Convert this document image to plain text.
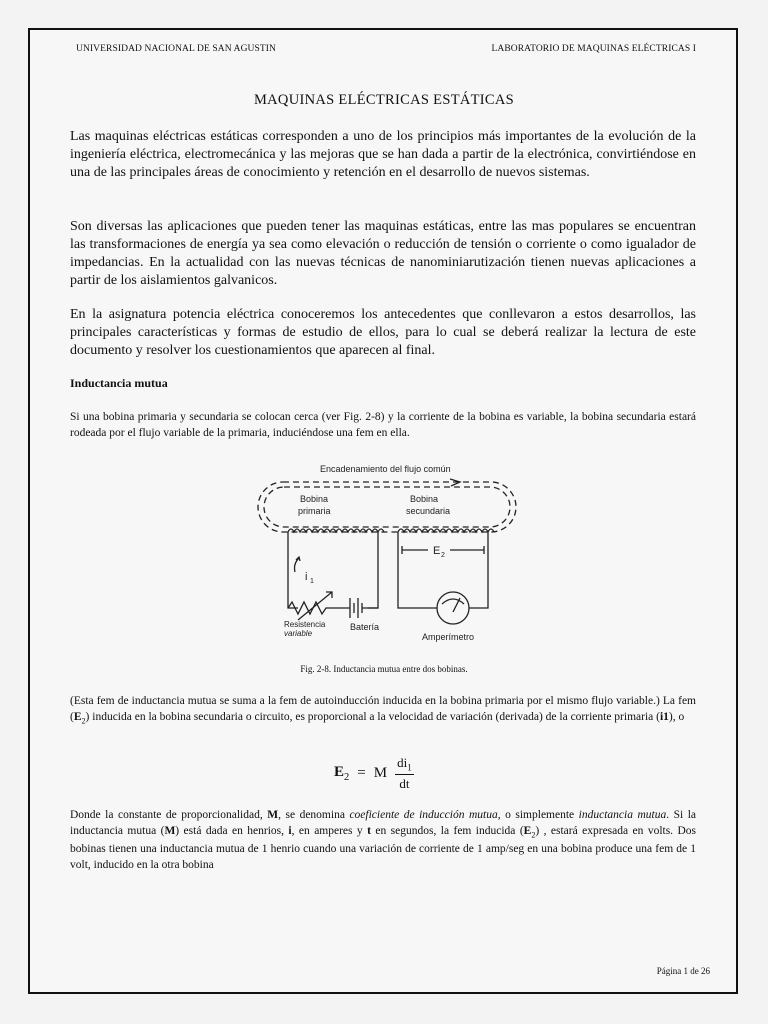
UNIVERSIDAD NACIONAL DE SAN AGUSTIN	LABORATORIO DE MAQUINAS ELÉCTRICAS I
MAQUINAS ELÉCTRICAS ESTÁTICAS

Las maquinas eléctricas estáticas corresponden a uno de los principios más importantes de la evolución de la ingeniería eléctrica, electromecánica y las mejoras que se han dada a partir de la electrónica, convirtiéndose en una de las principales áreas de conocimiento y retención en el desarrollo de nuevos sistemas.

Son diversas las aplicaciones que pueden tener las maquinas estáticas, entre las mas populares se encuentran las transformaciones de energía ya sea como elevación o reducción de tensión o corriente o como igualador de impedancias. En la actualidad con las nuevas técnicas de nanominiarutización tienen nuevas aplicaciones a partir de los aislamientos galvanicos.

En la asignatura potencia eléctrica conoceremos los antecedentes que conllevaron a estos desarrollos, las principales características y formas de estudio de ellos, para lo cual se deberá realizar la lectura de este documento y resolver los cuestionamientos que aparecen al final.

Inductancia mutua

Si una bobina primaria y secundaria se colocan cerca (ver Fig. 2-8) y la corriente de la bobina es variable, la bobina secundaria estará rodeada por el flujo variable de la primaria, induciéndose una fem en ella.

Encadenamiento del flujo común
Bobina
primaria
Bobina
secundaria
i 1
E 2
Resistencia
variable
Batería
Amperímetro
Fig. 2-8. Inductancia mutua entre dos bobinas.

(Esta fem de inductancia mutua se suma a la fem de autoinducción inducida en la bobina primaria por el mismo flujo variable.) La fem $(E_2)$ inducida en la bobina secundaria o circuito, es proporcional a la velocidad de variación (derivada) de la corriente primaria (i1), o

$E_2 = M \frac{di_1}{dt}$

Donde la constante de proporcionalidad, M, se denomina coeficiente de inducción mutua, o simplemente inductancia mutua. Si la inductancia mutua (M) está dada en henrios, i, en amperes y t en segundos, la fem inducida $(E_2)$ , estará expresada en volts. Dos bobinas tienen una inductancia mutua de 1 henrio cuando una variación de corriente de 1 amp/seg en una bobina produce una fem de 1 volt, inducido en la otra bobina

Página 1 de 26
